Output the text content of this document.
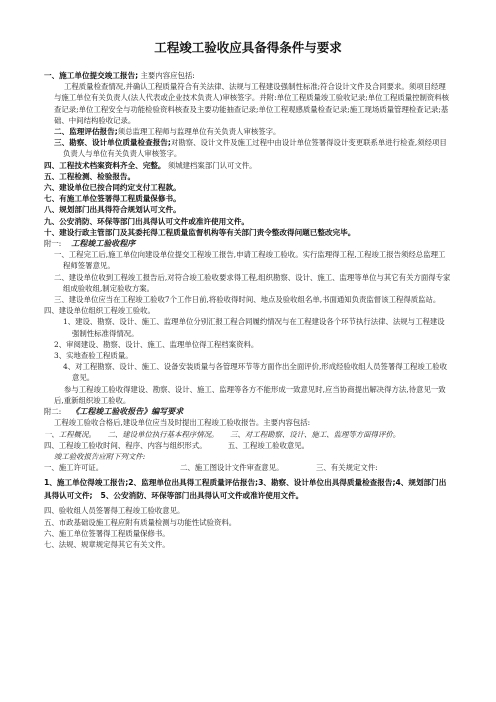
工程竣工验收应具备得条件与要求

一、施工单位提交竣工报告; 主要内容应包括:

工程质量检查情况,并确认工程质量符合有关法律、法规与工程建设强制性标准;符合设计文件及合同要求。须项目经理与施工单位有关负责人(法人代表或企业技术负责人)审核签字。并附:单位工程质量竣工验收记录;单位工程质量控制资料核查记录;单位工程安全与功能检验资料核查及主要功能抽查记录;单位工程观感质量检查记录;施工现场质量管理检查记录;基础、中间结构验收记录。

二、监理评估报告;须总监理工程师与监理单位有关负责人审核签字。

三、勘察、设计单位质量检查报告;对勘察、设计文件及施工过程中由设计单位签署得设计变更联系单进行检查,须经项目负责人与单位有关负责人审核签字。

四、工程技术档案资料齐全、完整。 须城建档案部门认可文件。

五、工程检测、检验报告。

六、建设单位已按合同约定支付工程款。

七、有施工单位签署得工程质量保修书。

八、规划部门出具得符合规划认可文件。

九、公安消防、环保等部门出具得认可文件或准许使用文件。

十、建设行政主管部门及其委托得工程质量监督机构等有关部门责令整改得问题已整改完毕。

附一: 工程竣工验收程序

一、工程完工后,施工单位向建设单位提交工程竣工报告,申请工程竣工验收。实行监理得工程,工程竣工报告须经总监理工程师签署意见。

二、建设单位收到工程竣工报告后,对符合竣工验收要求得工程,组织勘察、设计、施工、监理等单位与其它有关方面得专家组成验收组,制定验收方案。

三、建设单位应当在工程竣工验收7个工作日前,将验收得时间、地点及验收组名单,书面通知负责监督该工程得质监站。

四、建设单位组织工程竣工验收。

1、建设、勘察、设计、施工、监理单位分别汇报工程合同履约情况与在工程建设各个环节执行法律、法规与工程建设强制性标准得情况。

2、审阅建设、勘察、设计、施工、监理单位得工程档案资料。

3、实地查验工程质量。

4、对工程勘察、设计、施工、设备安装质量与各管理环节等方面作出全面评价,形成经验收组人员签署得工程竣工验收意见。

参与工程竣工验收得建设、勘察、设计、施工、监理等各方不能形成一致意见时,应当协商提出解决得方法,待意见一致后,重新组织竣工验收。

附二: 《工程竣工验收报告》编写要求

工程竣工验收合格后,建设单位应当及时提出工程竣工验收报告。主要内容包括:

一、工程概况。 二、建设单位执行基本程序情况。 三、对工程勘察、设计、施工、监理等方面得评价。

四、工程竣工验收时间、程序、内容与组织形式。	五、工程竣工验收意见。

竣工验收报告应附下列文件:

一、施工许可证。	二、施工图设计文件审查意见。	三、有关规定文件:

1、施工单位得竣工报告;2、监理单位出具得工程质量评估报告;3、勘察、设计单位出具得质量检查报告;4、规划部门出具得认可文件; 5、公安消防、环保等部门出具得认可文件或准许使用文件。

四、验收组人员签署得工程竣工验收意见。

五、市政基础设施工程应附有质量检测与功能性试验资料。

六、施工单位签署得工程质量保修书。

七、法规、规章规定得其它有关文件。
